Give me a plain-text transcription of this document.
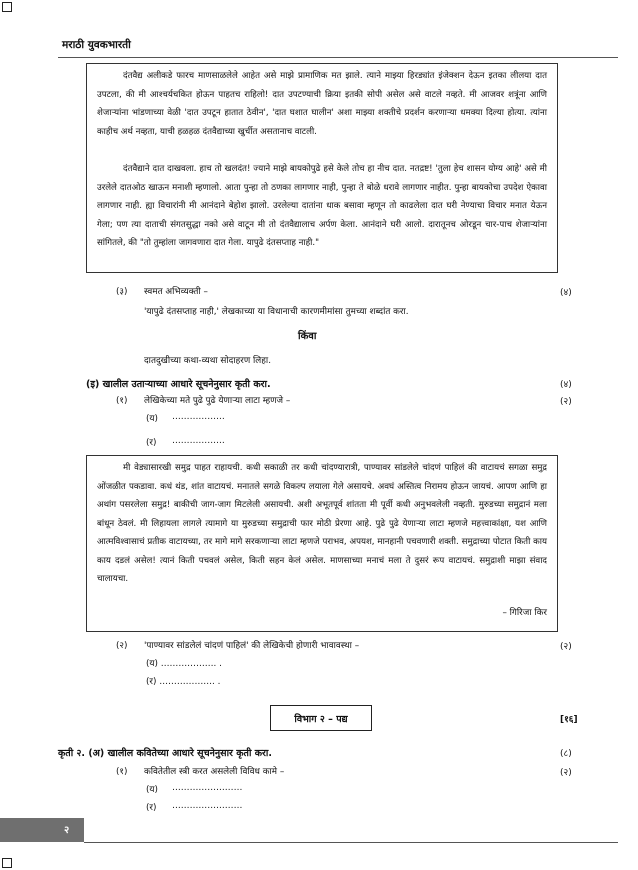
मराठी युवकभारती

दंतवैद्य अलीकडे फारच माणसाळलेले आहेत असे माझे प्रामाणिक मत झाले. त्याने माझ्या हिरड्यांत इंजेक्शन देऊन इतका लीलया दात उपटला, की मी आश्चर्यचकित होऊन पाहतच राहिलो! दात उपटण्याची क्रिया इतकी सोपी असेल असे वाटले नव्हते. मी आजवर शत्रूंना आणि शेजाऱ्यांना भांडणाच्या वेळी 'दात उपटून हातात ठेवीन', 'दात घशात घालीन' अशा माझ्या शक्तीचे प्रदर्शन करणाऱ्या धमक्या दिल्या होत्या. त्यांना काहीच अर्थ नव्हता, याची हळहळ दंतवैद्याच्या खुर्चीत असतानाच वाटली.

दंतवैद्याने दात दाखवला. हाच तो खलदंत! ज्याने माझे बायकोपुढे हसे केले तोच हा नीच दात. नतद्रष्ट! 'तुला हेच शासन योग्य आहे' असे मी उरलेले दातओठ खाऊन मनाशी म्हणालो. आता पुन्हा तो ठणका लागणार नाही, पुन्हा ते बोळे धरावे लागणार नाहीत. पुन्हा बायकोचा उपदेश ऐकावा लागणार नाही. ह्या विचारांनी मी आनंदाने बेहोश झालो. उरलेल्या दातांना धाक बसावा म्हणून तो काढलेला दात घरी नेण्याचा विचार मनात येऊन गेला; पण त्या दाताची संगतसुद्धा नको असे वाटून मी तो दंतवैद्यालाच अर्पण केला. आनंदाने घरी आलो. दारातूनच ओरडून चार-पाच शेजाऱ्यांना सांगितले, की "तो तुम्हांला जागवणारा दात गेला. यापुढे दंतसप्ताह नाही."

(३) स्वमत अभिव्यक्ती –	(४)
'यापुढे दंतसप्ताह नाही,' लेखकाच्या या विधानाची कारणमीमांसा तुमच्या शब्दांत करा.
किंवा
दातदुखीच्या कथा-व्यथा सोदाहरण लिहा.
(इ) खालील उताऱ्याच्या आधारे सूचनेनुसार कृती करा.	(४)
(१) लेखिकेच्या मते पुढे पुढे येणाऱ्या लाटा म्हणजे –	(२)
(य) ………………
(र) ………………

मी वेड्यासारखी समुद्र पाहत राहायची. कधी सकाळी तर कधी चांदण्यारात्री, पाण्यावर सांडलेले चांदणं पाहिलं की वाटायचं सगळा समुद्र ओंजळीत पकडावा. कधं थंड, शांत वाटायचं. मनातले सगळे विकल्प लयाला गेले असायचे. अवघं अस्तित्व निरामय होऊन जायचं. आपण आणि हा अथांग पसरलेला समुद्र! बाकीची जाग-जाग मिटलेली असायची. अशी अभूतपूर्व शांतता मी पूर्वी कधी अनुभवलेली नव्हती. मुरुडच्या समुद्रानं मला बांधून ठेवलं. मी लिहायला लागले त्यामागे या मुरुडच्या समुद्राची फार मोठी प्रेरणा आहे. पुढे पुढे येणाऱ्या लाटा म्हणजे महत्त्वाकांक्षा, यश आणि आत्मविश्वासाचं प्रतीक वाटायच्या, तर मागे मागे सरकणाऱ्या लाटा म्हणजे पराभव, अपयश, मानहानी पचवणारी शक्ती. समुद्राच्या पोटात किती काय काय दडलं असेल! त्यानं किती पचवलं असेल, किती सहन केलं असेल. माणसाच्या मनाचं मला ते दुसरं रूप वाटायचं. समुद्राशी माझा संवाद चालायचा.

– गिरिजा किर
(२) 'पाण्यावर सांडलेलं चांदणं पाहिलं' की लेखिकेची होणारी भावावस्था –	(२)
(य) ………………. .
(र) ………………. .
विभाग २ – पद्य	[१६]
कृती २. (अ) खालील कवितेच्या आधारे सूचनेनुसार कृती करा.	(८)
(१) कवितेतील स्त्री करत असलेली विविध कामे –	(२)
(य) ……………………
(र) ……………………
२
